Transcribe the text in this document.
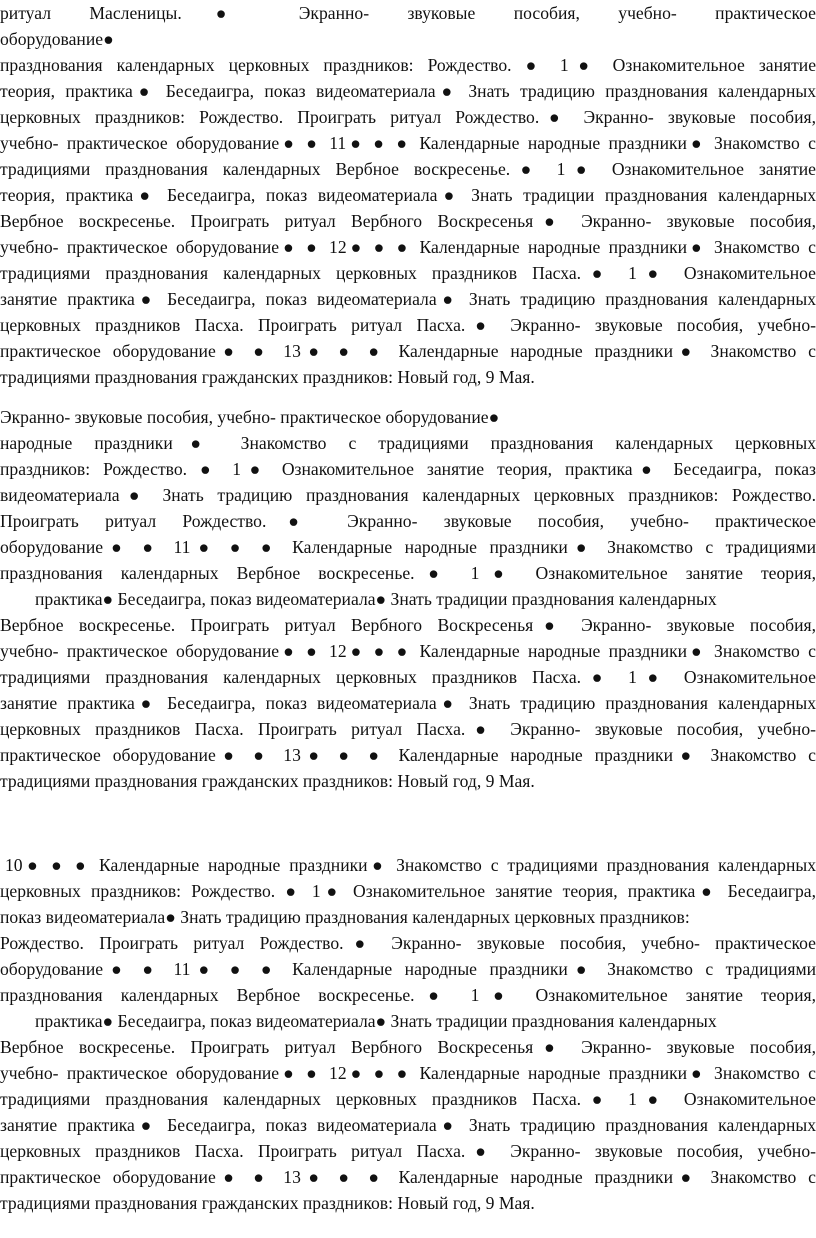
ритуал Масленицы.● Экранно- звуковые пособия, учебно- практическое
оборудование●
празднования календарных церковных праздников: Рождество. ● 1● Ознакомительное занятие
теория, практика● Беседаигра, показ видеоматериала● Знать традицию празднования календарных
церковных праздников: Рождество. Проиграть ритуал Рождество.● Экранно- звуковые пособия,
учебно- практическое оборудование● ● 11● ● ● Календарные народные праздники● Знакомство с
традициями празднования календарных Вербное воскресенье.● 1● Ознакомительное занятие
теория, практика● Беседаигра, показ видеоматериала● Знать традиции празднования календарных
Вербное воскресенье. Проиграть ритуал Вербного Воскресенья● Экранно- звуковые пособия,
учебно- практическое оборудование● ● 12● ● ● Календарные народные праздники● Знакомство с
традициями празднования календарных церковных праздников Пасха.● 1● Ознакомительное
занятие практика● Беседаигра, показ видеоматериала● Знать традицию празднования календарных
церковных праздников Пасха. Проиграть ритуал Пасха.● Экранно- звуковые пособия, учебно-
практическое оборудование● ● 13● ● ● Календарные народные праздники● Знакомство с
традициями празднования гражданских праздников: Новый год, 9 Мая.
Экранно- звуковые пособия, учебно- практическое оборудование●
народные праздники● Знакомство с традициями празднования календарных церковных
праздников: Рождество. ● 1● Ознакомительное занятие теория, практика● Беседаигра, показ
видеоматериала● Знать традицию празднования календарных церковных праздников: Рождество.
Проиграть ритуал Рождество.● Экранно- звуковые пособия, учебно- практическое
оборудование● ● 11● ● ● Календарные народные праздники● Знакомство с традициями
празднования календарных Вербное воскресенье.● 1● Ознакомительное занятие теория,
практика● Беседаигра, показ видеоматериала● Знать традиции празднования календарных
Вербное воскресенье. Проиграть ритуал Вербного Воскресенья● Экранно- звуковые пособия,
учебно- практическое оборудование● ● 12● ● ● Календарные народные праздники● Знакомство с
традициями празднования календарных церковных праздников Пасха.● 1● Ознакомительное
занятие практика● Беседаигра, показ видеоматериала● Знать традицию празднования календарных
церковных праздников Пасха. Проиграть ритуал Пасха.● Экранно- звуковые пособия, учебно-
практическое оборудование● ● 13● ● ● Календарные народные праздники● Знакомство с
традициями празднования гражданских праздников: Новый год, 9 Мая.
10● ● ● Календарные народные праздники● Знакомство с традициями празднования календарных
церковных праздников: Рождество. ● 1● Ознакомительное занятие теория, практика● Беседаигра,
показ видеоматериала● Знать традицию празднования календарных церковных праздников:
Рождество. Проиграть ритуал Рождество.● Экранно- звуковые пособия, учебно- практическое
оборудование● ● 11● ● ● Календарные народные праздники● Знакомство с традициями
празднования календарных Вербное воскресенье.● 1● Ознакомительное занятие теория,
практика● Беседаигра, показ видеоматериала● Знать традиции празднования календарных
Вербное воскресенье. Проиграть ритуал Вербного Воскресенья● Экранно- звуковые пособия,
учебно- практическое оборудование● ● 12● ● ● Календарные народные праздники● Знакомство с
традициями празднования календарных церковных праздников Пасха.● 1● Ознакомительное
занятие практика● Беседаигра, показ видеоматериала● Знать традицию празднования календарных
церковных праздников Пасха. Проиграть ритуал Пасха.● Экранно- звуковые пособия, учебно-
практическое оборудование● ● 13● ● ● Календарные народные праздники● Знакомство с
традициями празднования гражданских праздников: Новый год, 9 Мая.
